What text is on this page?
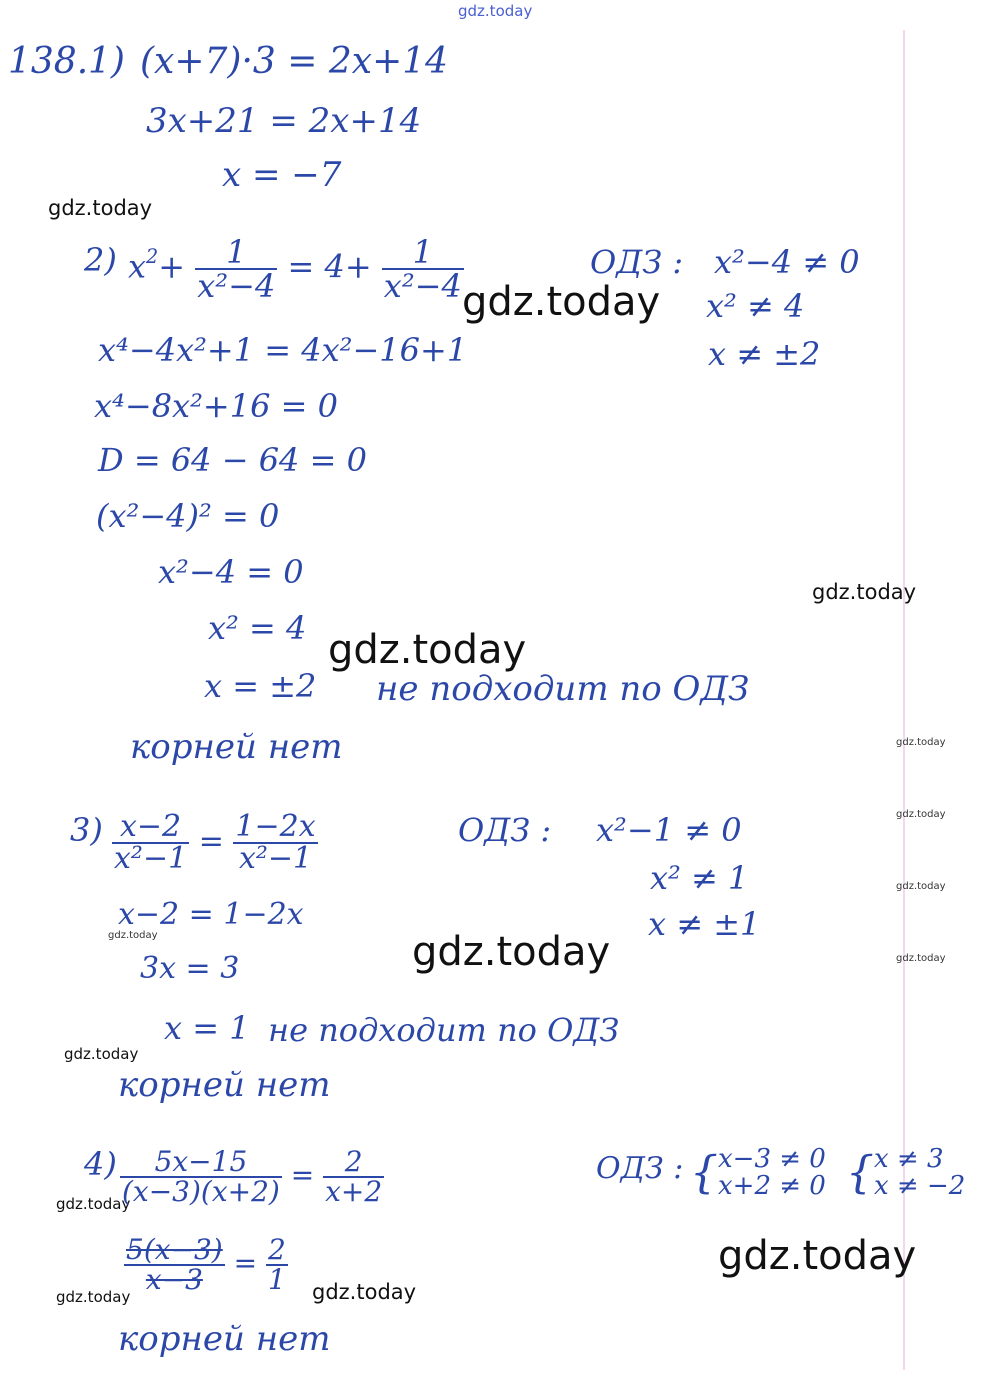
gdz.today
gdz.today
gdz.today
gdz.today
gdz.today
gdz.today
gdz.today
gdz.today
gdz.today	gdz.today	gdz.today
gdz.today
gdz.today
gdz.today
gdz.today	gdz.today
138. 1) (x+7)·3 = 2x+14
3x+21 = 2x+14
x = −7
2) $x^2+ \frac{1}{\text{x²−4}} = 4+ \frac{1}{\text{x²−4}}$	ОДЗ : x²−4 ≠ 0
x² ≠ 4
x ≠ ±2
x⁴−4x²+1 = 4x²−16+1
x⁴−8x²+16 = 0
D = 64 − 64 = 0
(x²−4)² = 0
x²−4 = 0
x² = 4
x = ±2 не подходит по ОДЗ
корней нет
$3) \frac{x-2}{\text{x²−1}} = \frac{1-2x}{\text{x²−1}}$	ОДЗ : x²−1 ≠ 0
x² ≠ 1
x ≠ ±1
x−2 = 1−2x
3x = 3
x = 1 не подходит по ОДЗ
корней нет
$4) \frac{5x-15}{(x-3)(x+2)} = \frac{2}{x+2}$	ОДЗ : { x−3 ≠ 0
x+2 ≠ 0 { x ≠ 3
x ≠ −2
$\frac{5(x-3)}{x-3} = \frac{2}{1}$
корней нет
